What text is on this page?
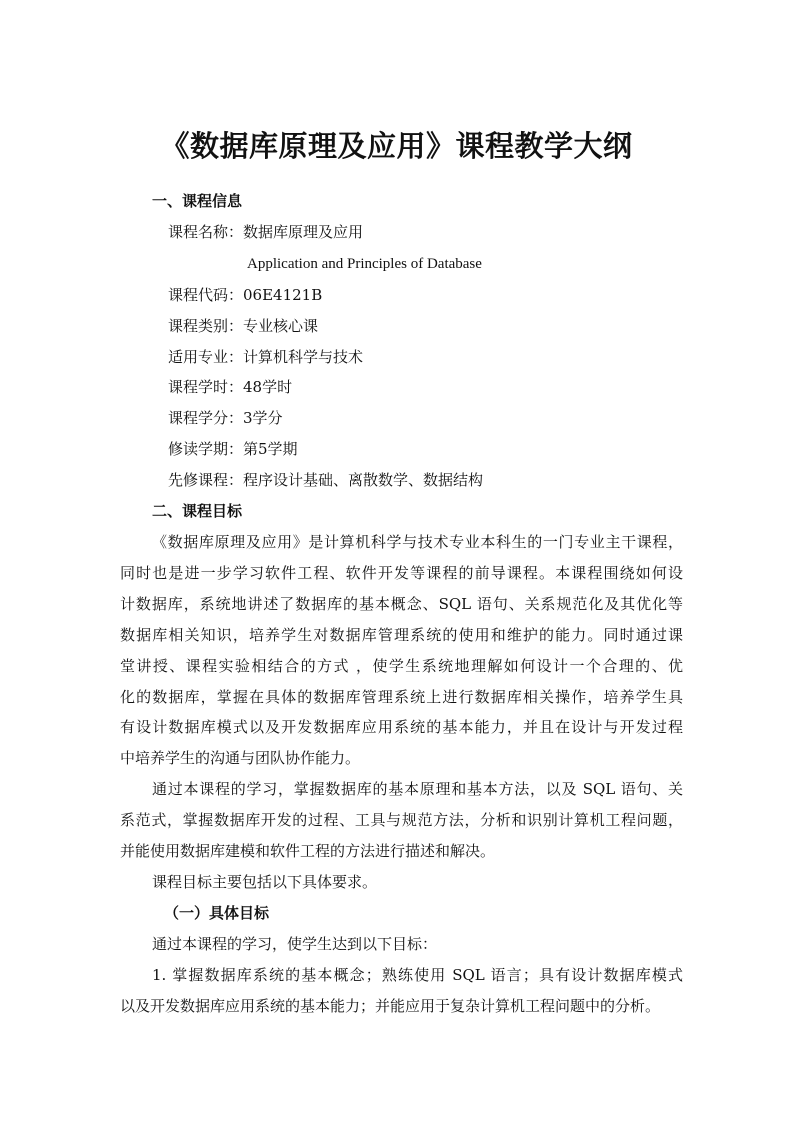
《数据库原理及应用》课程教学大纲
一、课程信息
课程名称：数据库原理及应用
Application and Principles of Database
课程代码：06E4121B
课程类别：专业核心课
适用专业：计算机科学与技术
课程学时：48学时
课程学分：3学分
修读学期：第5学期
先修课程：程序设计基础、离散数学、数据结构
二、课程目标
《数据库原理及应用》是计算机科学与技术专业本科生的一门专业主干课程，
同时也是进一步学习软件工程、软件开发等课程的前导课程。本课程围绕如何设
计数据库，系统地讲述了数据库的基本概念、SQL 语句、关系规范化及其优化等
数据库相关知识，培养学生对数据库管理系统的使用和维护的能力。同时通过课
堂讲授、课程实验相结合的方式 ，使学生系统地理解如何设计一个合理的、优
化的数据库，掌握在具体的数据库管理系统上进行数据库相关操作，培养学生具
有设计数据库模式以及开发数据库应用系统的基本能力，并且在设计与开发过程
中培养学生的沟通与团队协作能力。
通过本课程的学习，掌握数据库的基本原理和基本方法，以及 SQL 语句、关
系范式，掌握数据库开发的过程、工具与规范方法，分析和识别计算机工程问题，
并能使用数据库建模和软件工程的方法进行描述和解决。
课程目标主要包括以下具体要求。
（一）具体目标
通过本课程的学习，使学生达到以下目标：
1. 掌握数据库系统的基本概念；熟练使用 SQL 语言；具有设计数据库模式
以及开发数据库应用系统的基本能力；并能应用于复杂计算机工程问题中的分析。
